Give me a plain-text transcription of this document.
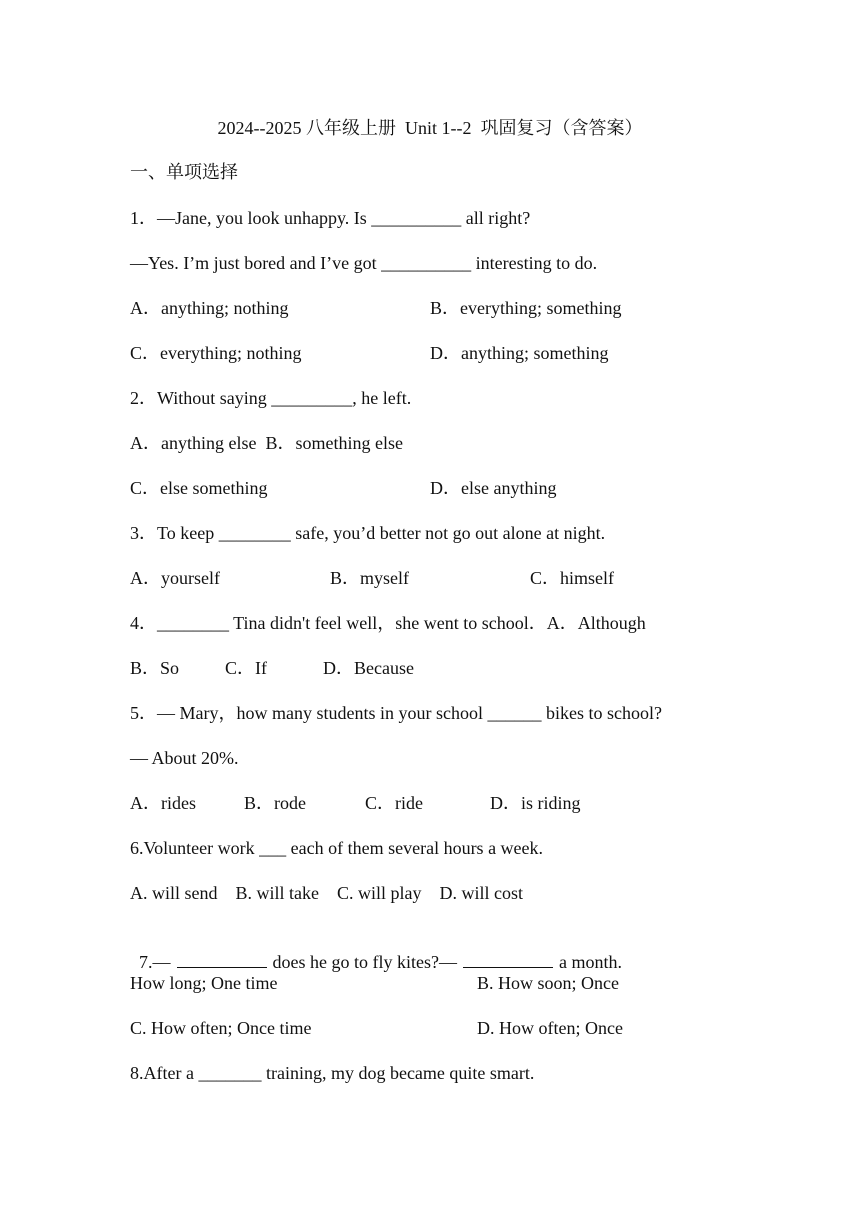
2024--2025 八年级上册  Unit 1--2  巩固复习（含答案）
一、单项选择
1．—Jane, you look unhappy. Is __________ all right?
—Yes. I’m just bored and I’ve got __________ interesting to do.
A．anything; nothing	B．everything; something
C．everything; nothing	D．anything; something
2．Without saying _________, he left.
A．anything else  B．something else
C．else something	D．else anything
3．To keep ________ safe, you’d better not go out alone at night.
A．yourself	B．myself	C．himself
4．________ Tina didn't feel well，she went to school．A．Although
B．So	C．If	D．Because
5．— Mary，how many students in your school ______ bikes to school?
— About 20%.
A．rides	B．rode	C．ride	D．is riding
6.Volunteer work ___ each of them several hours a week.
A. will send    B. will take    C. will play    D. will cost

7.—	does he go to fly kites?—	a month.

How long; One time	B. How soon; Once
C. How often; Once time	D. How often; Once
8.After a _______ training, my dog became quite smart.
